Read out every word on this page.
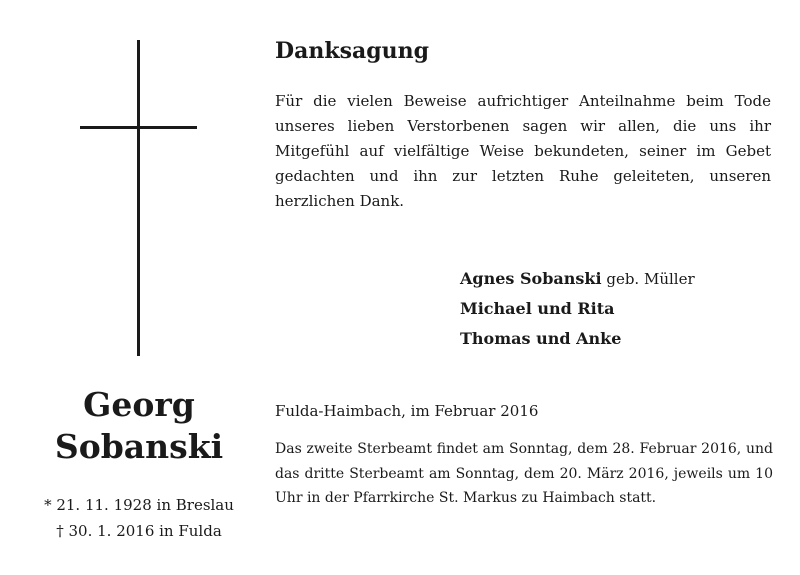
Georg
Sobanski
* 21. 11. 1928 in Breslau
† 30. 1. 2016 in Fulda
Danksagung
Für die vielen Beweise aufrichtiger Anteilnahme beim Tode unseres lieben Verstorbenen sagen wir allen, die uns ihr Mitgefühl auf vielfältige Weise bekundeten, seiner im Gebet gedachten und ihn zur letzten Ruhe geleiteten, unseren herzlichen Dank.
Agnes Sobanski geb. Müller
Michael und Rita
Thomas und Anke
Fulda-Haimbach, im Februar 2016
Das zweite Sterbeamt findet am Sonntag, dem 28. Februar 2016, und das dritte Sterbeamt am Sonntag, dem 20. März 2016, jeweils um 10 Uhr in der Pfarrkirche St. Markus zu Haimbach statt.
